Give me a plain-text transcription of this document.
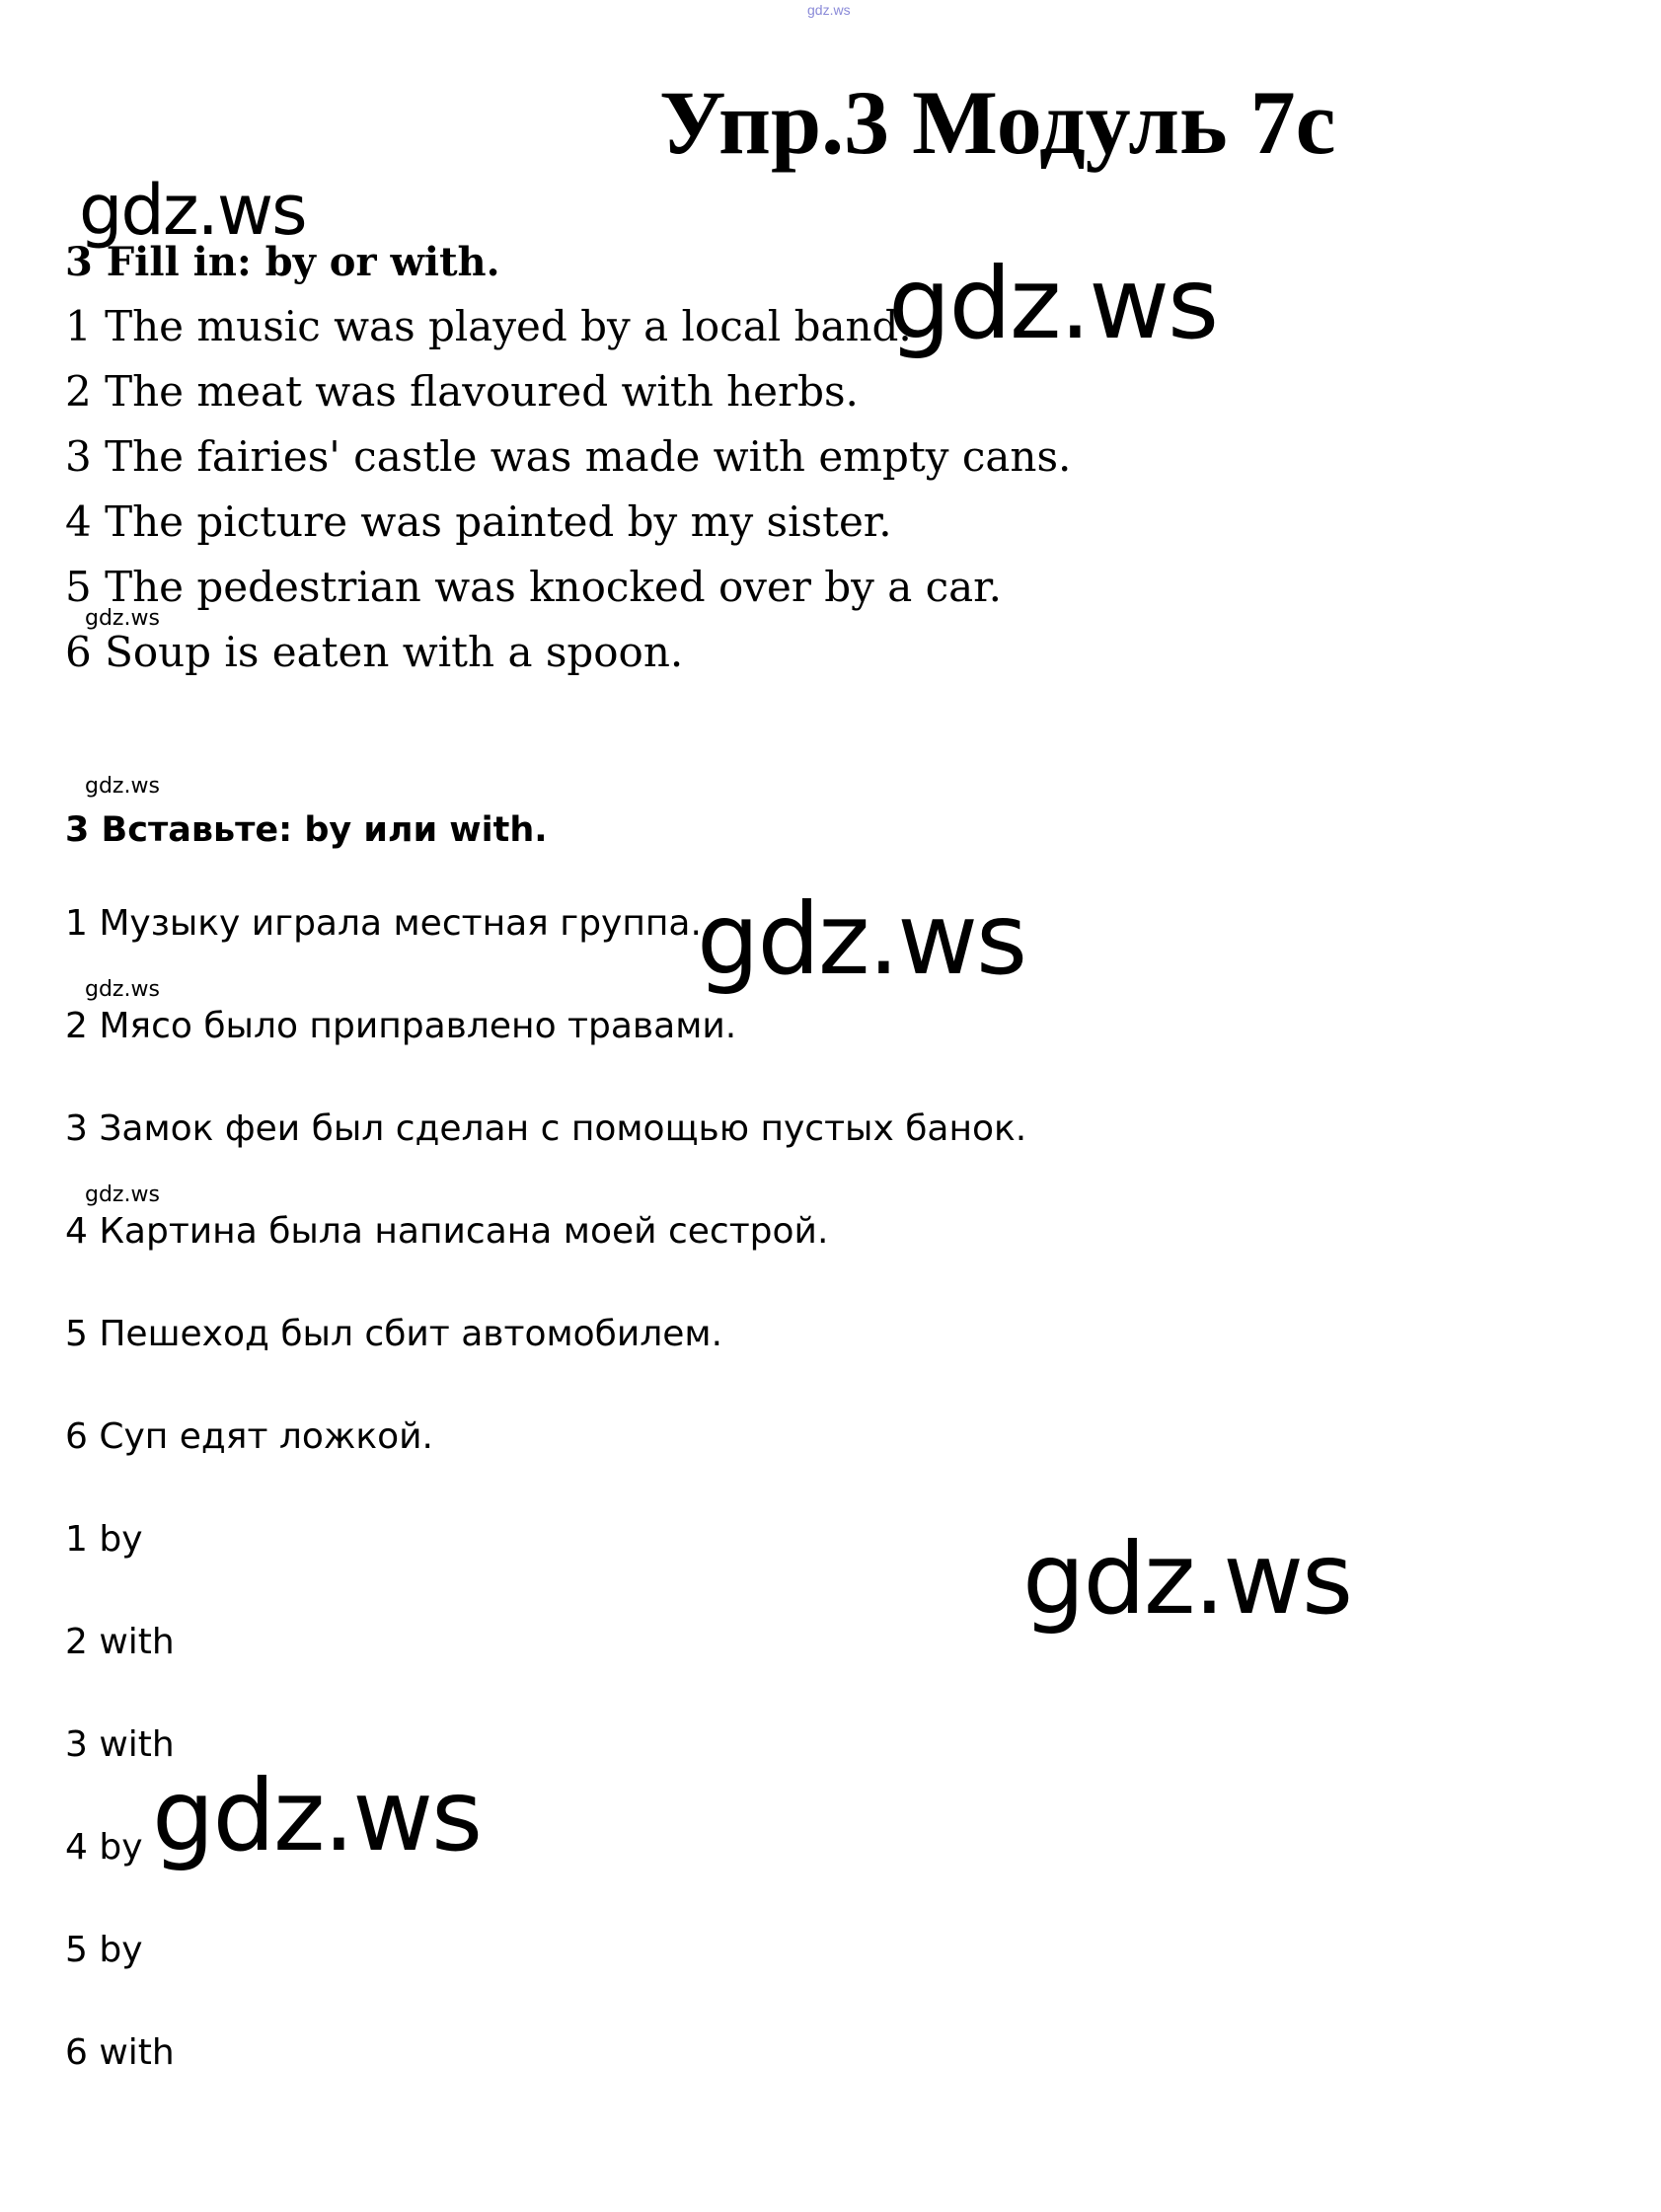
gdz.ws
Упр.3 Модуль 7с
gdz.ws
gdz.ws
gdz.ws
gdz.ws
gdz.ws
gdz.ws
gdz.ws
gdz.ws
gdz.ws
3 Fill in: by or with.
1 The music was played by a local band.
2 The meat was flavoured with herbs.
3 The fairies' castle was made with empty cans.
4 The picture was painted by my sister.
5 The pedestrian was knocked over by a car.
6 Soup is eaten with a spoon.
3 Вставьте: by или with.
1 Музыку играла местная группа.
2 Мясо было приправлено травами.
3 Замок феи был сделан с помощью пустых банок.
4 Картина была написана моей сестрой.
5 Пешеход был сбит автомобилем.
6 Суп едят ложкой.
1 by
2 with
3 with
4 by
5 by
6 with
